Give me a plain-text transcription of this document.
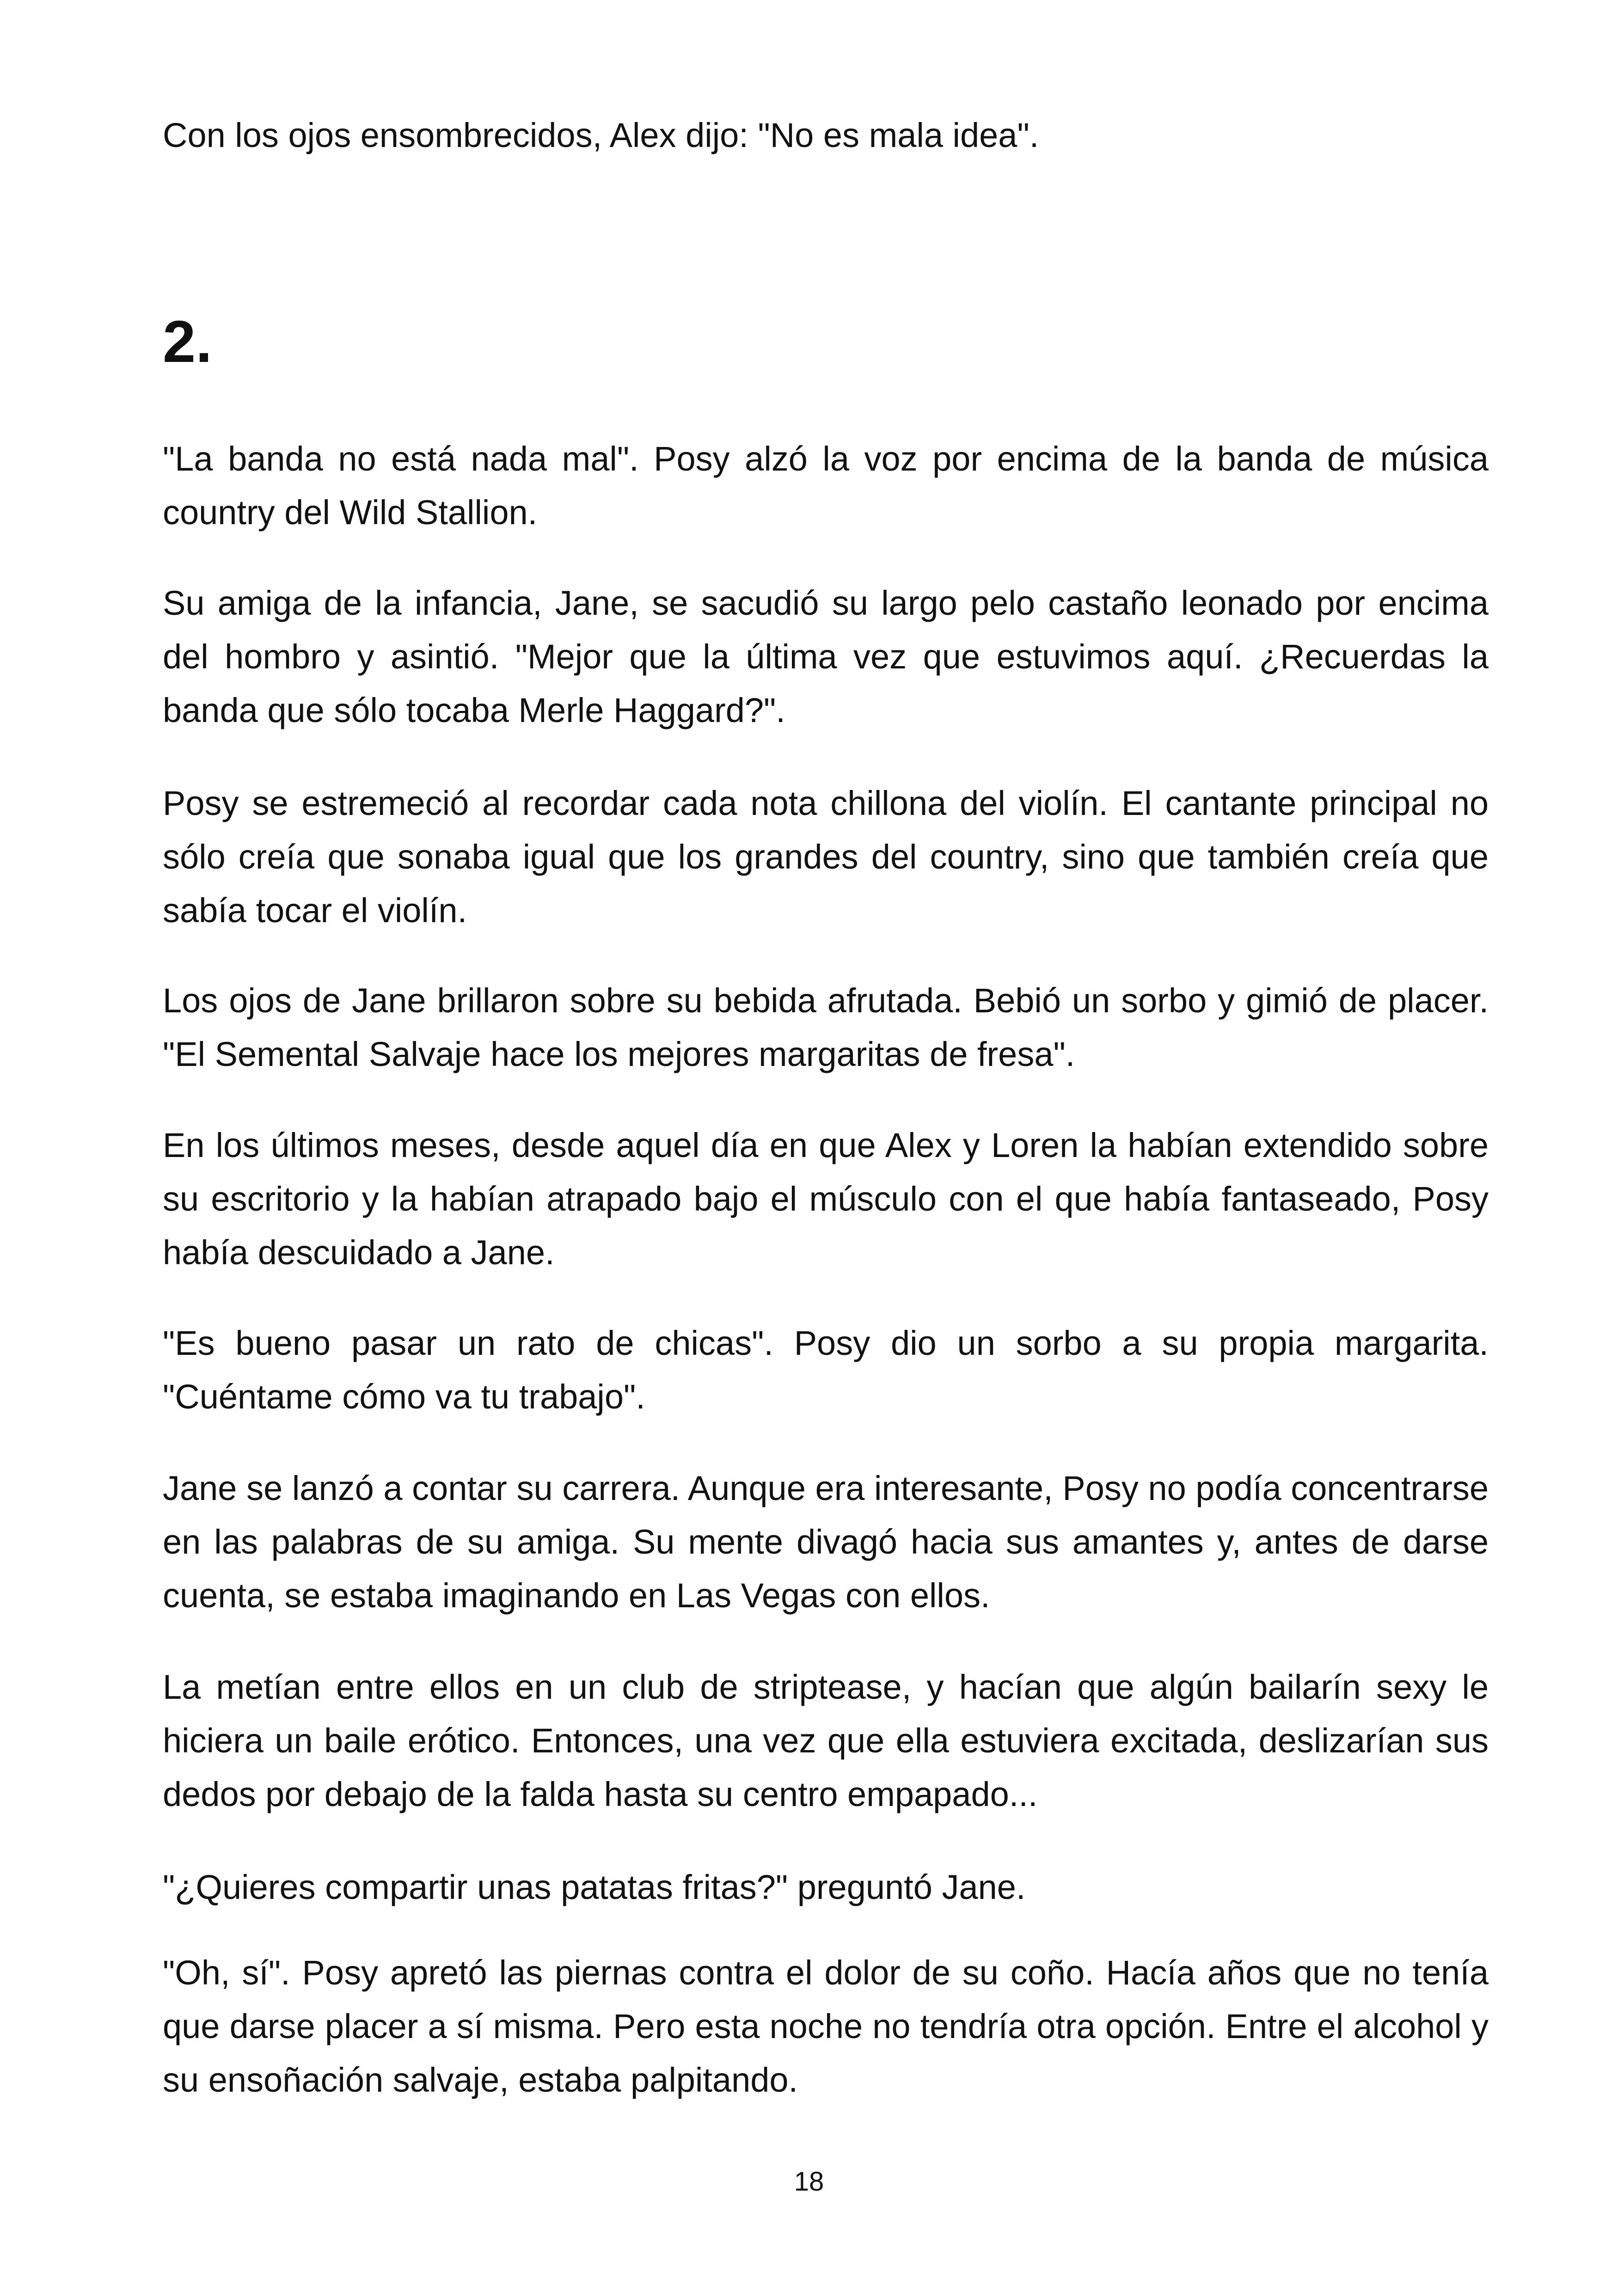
Con los ojos ensombrecidos, Alex dijo: "No es mala idea".

2.

"La banda no está nada mal". Posy alzó la voz por encima de la banda de música country del Wild Stallion.

Su amiga de la infancia, Jane, se sacudió su largo pelo castaño leonado por encima del hombro y asintió. "Mejor que la última vez que estuvimos aquí. ¿Recuerdas la banda que sólo tocaba Merle Haggard?".

Posy se estremeció al recordar cada nota chillona del violín. El cantante principal no sólo creía que sonaba igual que los grandes del country, sino que también creía que sabía tocar el violín.

Los ojos de Jane brillaron sobre su bebida afrutada. Bebió un sorbo y gimió de placer. "El Semental Salvaje hace los mejores margaritas de fresa".

En los últimos meses, desde aquel día en que Alex y Loren la habían extendido sobre su escritorio y la habían atrapado bajo el músculo con el que había fantaseado, Posy había descuidado a Jane.

"Es bueno pasar un rato de chicas". Posy dio un sorbo a su propia margarita. "Cuéntame cómo va tu trabajo".

Jane se lanzó a contar su carrera. Aunque era interesante, Posy no podía concentrarse en las palabras de su amiga. Su mente divagó hacia sus amantes y, antes de darse cuenta, se estaba imaginando en Las Vegas con ellos.

La metían entre ellos en un club de striptease, y hacían que algún bailarín sexy le hiciera un baile erótico. Entonces, una vez que ella estuviera excitada, deslizarían sus dedos por debajo de la falda hasta su centro empapado...

"¿Quieres compartir unas patatas fritas?" preguntó Jane.

"Oh, sí". Posy apretó las piernas contra el dolor de su coño. Hacía años que no tenía que darse placer a sí misma. Pero esta noche no tendría otra opción. Entre el alcohol y su ensoñación salvaje, estaba palpitando.

18
